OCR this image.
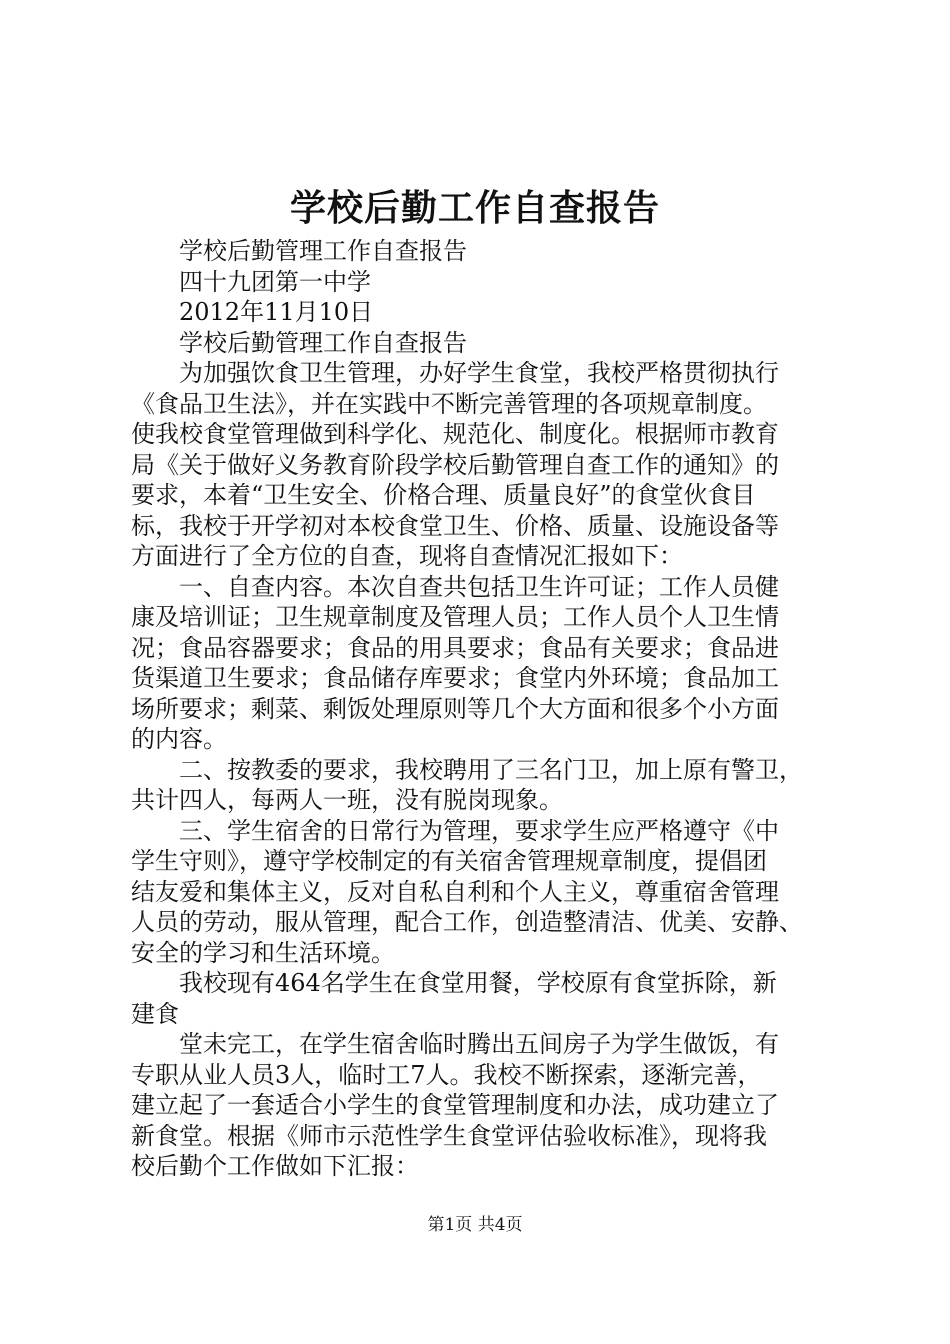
学校后勤工作自查报告
学校后勤管理工作自查报告
四十九团第一中学
2012年11月10日
学校后勤管理工作自查报告
为加强饮食卫生管理，办好学生食堂，我校严格贯彻执行
《食品卫生法》，并在实践中不断完善管理的各项规章制度。
使我校食堂管理做到科学化、规范化、制度化。根据师市教育
局《关于做好义务教育阶段学校后勤管理自查工作的通知》的
要求，本着“卫生安全、价格合理、质量良好”的食堂伙食目
标，我校于开学初对本校食堂卫生、价格、质量、设施设备等
方面进行了全方位的自查，现将自查情况汇报如下：
一、自查内容。本次自查共包括卫生许可证；工作人员健
康及培训证；卫生规章制度及管理人员；工作人员个人卫生情
况；食品容器要求；食品的用具要求；食品有关要求；食品进
货渠道卫生要求；食品储存库要求；食堂内外环境；食品加工
场所要求；剩菜、剩饭处理原则等几个大方面和很多个小方面
的内容。
二、按教委的要求，我校聘用了三名门卫，加上原有警卫，
共计四人，每两人一班，没有脱岗现象。
三、学生宿舍的日常行为管理，要求学生应严格遵守《中
学生守则》，遵守学校制定的有关宿舍管理规章制度，提倡团
结友爱和集体主义，反对自私自利和个人主义，尊重宿舍管理
人员的劳动，服从管理，配合工作，创造整清洁、优美、安静、
安全的学习和生活环境。
我校现有464名学生在食堂用餐，学校原有食堂拆除，新
建食
堂未完工，在学生宿舍临时腾出五间房子为学生做饭，有
专职从业人员3人，临时工7人。我校不断探索，逐渐完善，
建立起了一套适合小学生的食堂管理制度和办法，成功建立了
新食堂。根据《师市示范性学生食堂评估验收标准》，现将我
校后勤个工作做如下汇报：
第1页 共4页
